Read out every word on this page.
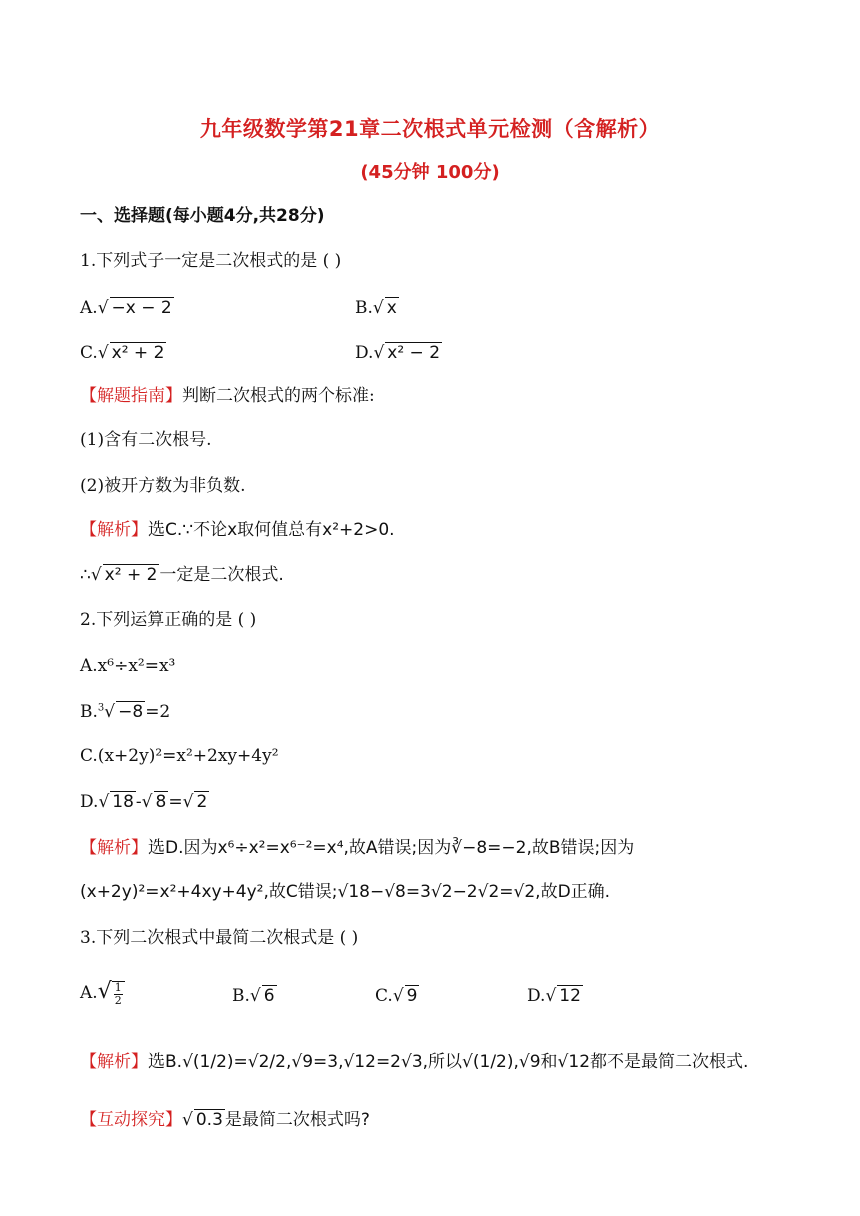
九年级数学第21章二次根式单元检测（含解析）
(45分钟 100分)
一、选择题(每小题4分,共28分)
1.下列式子一定是二次根式的是 ( )
A.√ −x − 2	B.√ x
C.√ x² + 2	D.√ x² − 2
【解题指南】判断二次根式的两个标准:
(1)含有二次根号.
(2)被开方数为非负数.
【解析】选C.∵不论x取何值总有x²+2>0.
∴√ x² + 2 一定是二次根式.
2.下列运算正确的是 ( )
A.x⁶÷x²=x³
B.$^3$√ −8 =2
C.(x+2y)²=x²+2xy+4y²
D.√ 18 -√ 8 =√ 2
【解析】选D.因为x⁶÷x²=x⁶⁻²=x⁴,故A错误;因为∛−8=−2,故B错误;因为
(x+2y)²=x²+4xy+4y²,故C错误;√18−√8=3√2−2√2=√2,故D正确.
3.下列二次根式中最简二次根式是 ( )
$A.√ \frac{1}{2}$	B.√ 6	C.√ 9	D.√ 12
【解析】选B.√(1/2)=√2/2,√9=3,√12=2√3,所以√(1/2),√9和√12都不是最简二次根式.
【互动探究】√ 0.3 是最简二次根式吗?
